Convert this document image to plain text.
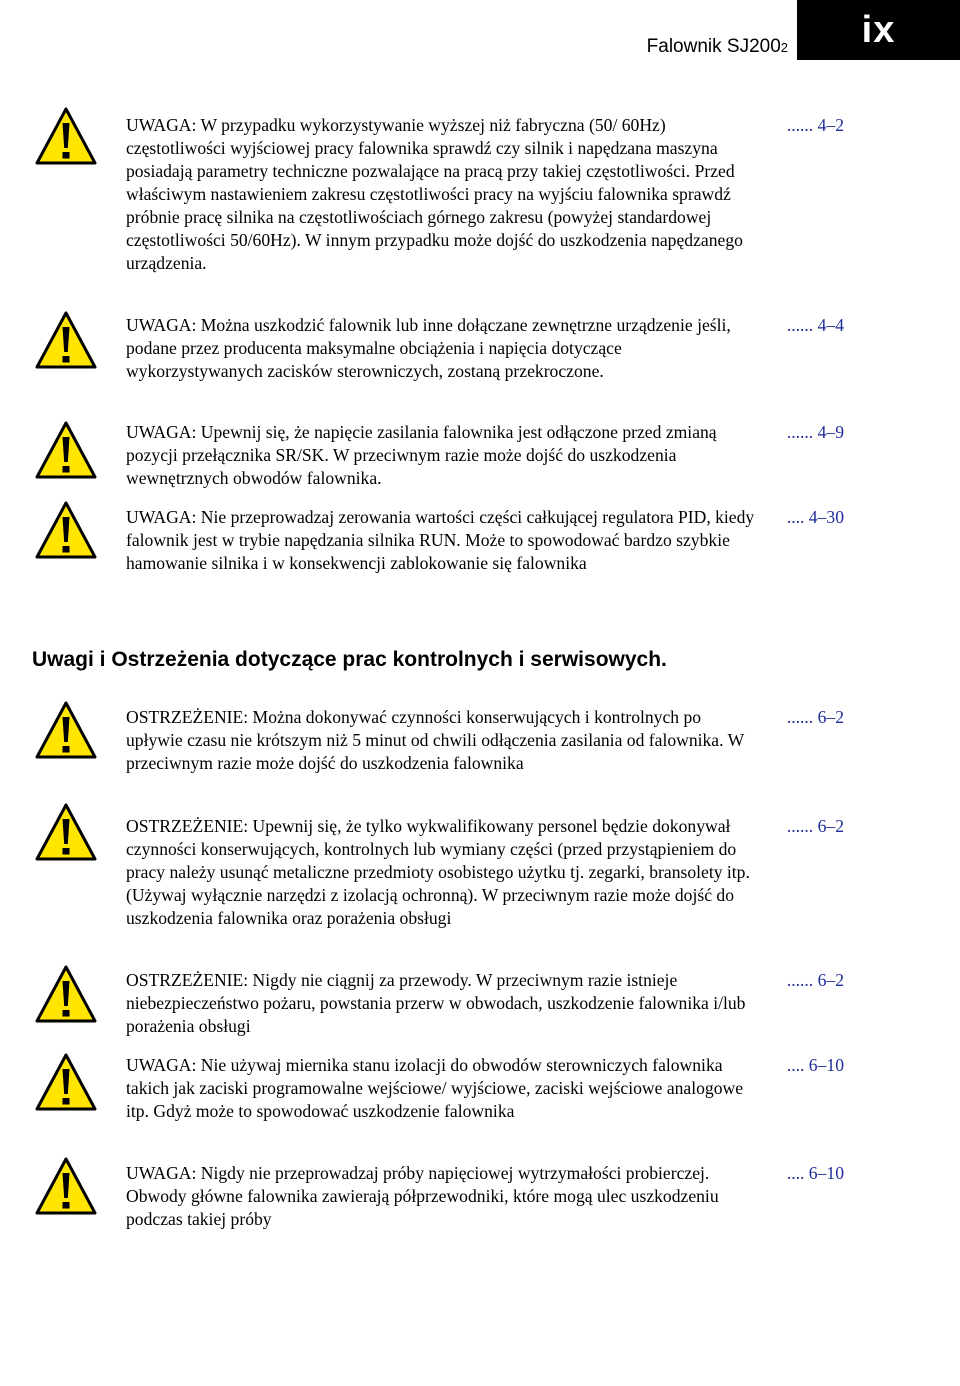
Falownik SJ2002 ix
UWAGA: W przypadku wykorzystywanie wyższej niż fabryczna (50/ 60Hz) częstotliwości wyjściowej pracy falownika sprawdź czy silnik i napędzana maszyna posiadają parametry techniczne pozwalające na pracą przy takiej częstotliwości. Przed właściwym nastawieniem zakresu częstotliwości pracy na wyjściu falownika sprawdź próbnie pracę silnika na częstotliwościach górnego zakresu (powyżej standardowej częstotliwości 50/60Hz). W innym przypadku może dojść do uszkodzenia napędzanego urządzenia.
...... 4–2
UWAGA: Można uszkodzić falownik lub inne dołączane zewnętrzne urządzenie jeśli, podane przez producenta maksymalne obciążenia i napięcia dotyczące wykorzystywanych zacisków sterowniczych, zostaną przekroczone.
...... 4–4
UWAGA: Upewnij się, że napięcie zasilania falownika jest odłączone przed zmianą pozycji przełącznika SR/SK. W przeciwnym razie może dojść do uszkodzenia wewnętrznych obwodów falownika.
...... 4–9
UWAGA: Nie przeprowadzaj zerowania wartości części całkującej regulatora PID, kiedy falownik jest w trybie napędzania silnika RUN. Może to spowodować bardzo szybkie hamowanie silnika i w konsekwencji zablokowanie się falownika
.... 4–30
Uwagi i Ostrzeżenia dotyczące prac kontrolnych i serwisowych.
OSTRZEŻENIE: Można dokonywać czynności konserwujących i kontrolnych po upływie czasu nie krótszym niż 5 minut od chwili odłączenia zasilania od falownika. W przeciwnym razie może dojść do uszkodzenia falownika
...... 6–2
OSTRZEŻENIE: Upewnij się, że tylko wykwalifikowany personel będzie dokonywał czynności konserwujących, kontrolnych lub wymiany części (przed przystąpieniem do pracy należy usunąć metaliczne przedmioty osobistego użytku tj. zegarki, bransolety itp.(Używaj wyłącznie narzędzi z izolacją ochronną). W przeciwnym razie może dojść do uszkodzenia falownika oraz porażenia obsługi
...... 6–2
OSTRZEŻENIE: Nigdy nie ciągnij za przewody. W przeciwnym razie istnieje niebezpieczeństwo pożaru, powstania przerw w obwodach, uszkodzenie falownika i/lub porażenia obsługi
...... 6–2
UWAGA: Nie używaj miernika stanu izolacji do obwodów sterowniczych falownika takich jak zaciski programowalne wejściowe/ wyjściowe, zaciski wejściowe analogowe itp. Gdyż może to spowodować uszkodzenie falownika
.... 6–10
UWAGA: Nigdy nie przeprowadzaj próby napięciowej wytrzymałości probierczej. Obwody główne falownika zawierają półprzewodniki, które mogą ulec uszkodzeniu podczas takiej próby
.... 6–10
